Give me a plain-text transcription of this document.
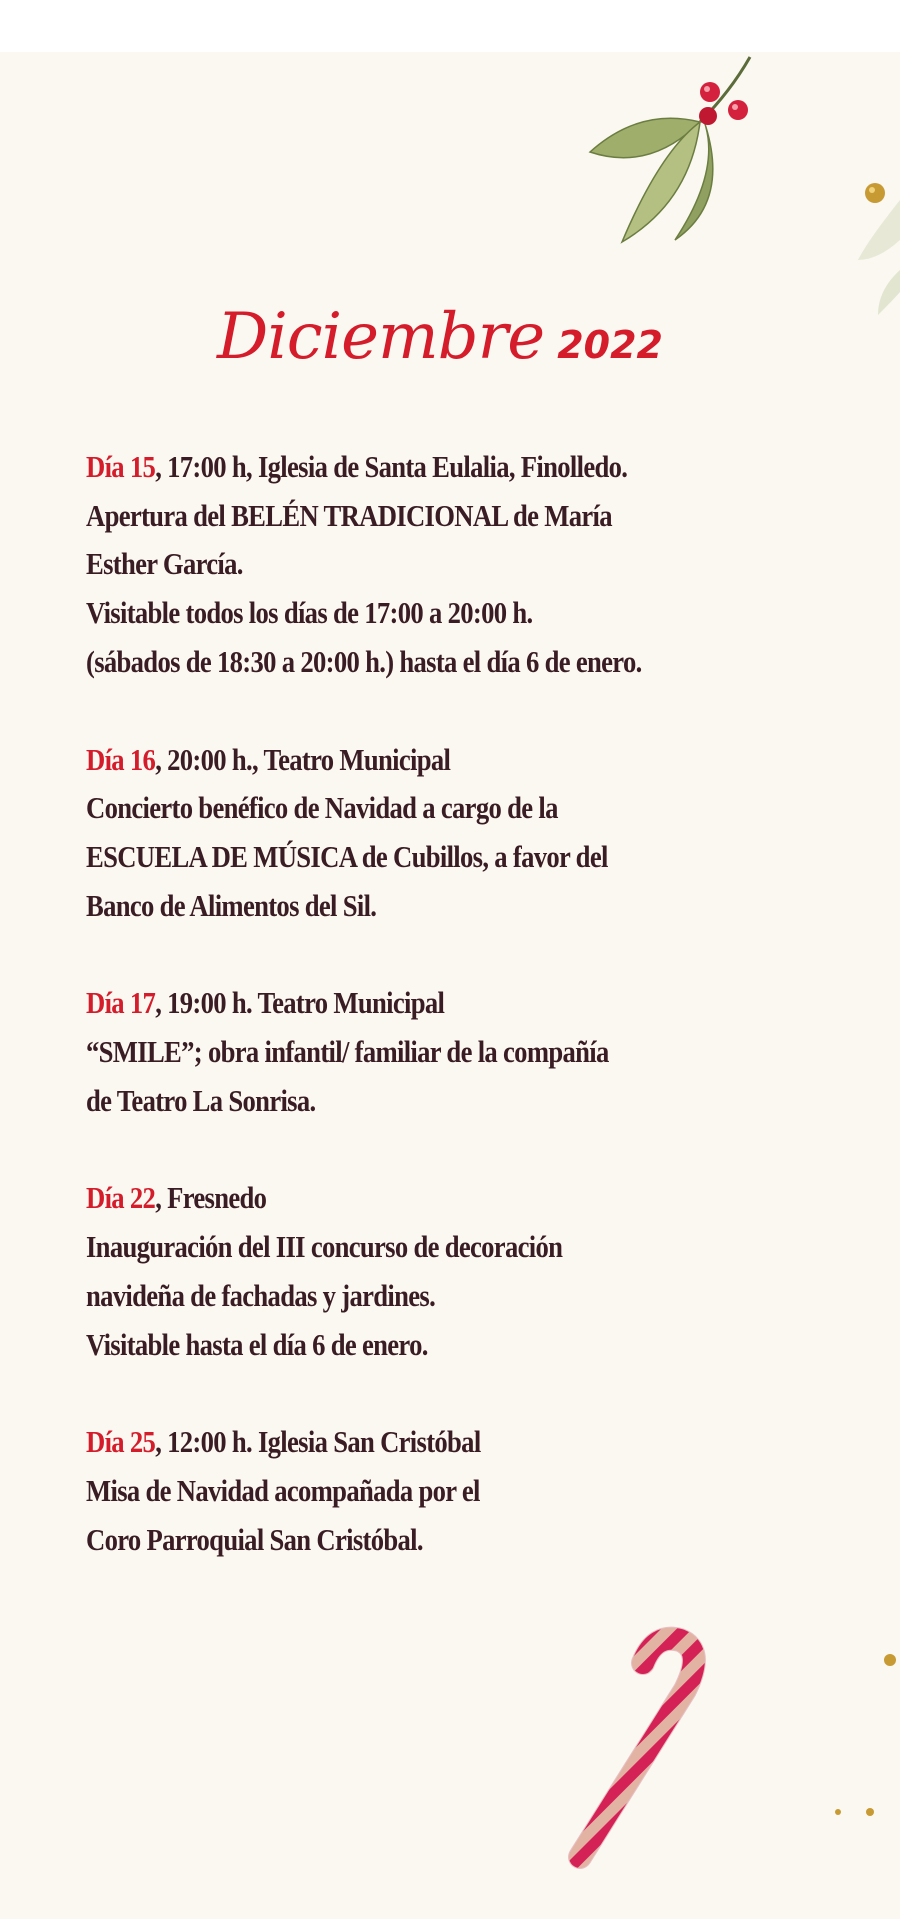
Diciembre 2022
Día 15, 17:00 h, Iglesia de Santa Eulalia, Finolledo.
Apertura del BELÉN TRADICIONAL de María
Esther García.
Visitable todos los días de 17:00 a 20:00 h.
(sábados de 18:30 a 20:00 h.) hasta el día 6 de enero.
Día 16, 20:00 h., Teatro Municipal
Concierto benéfico de Navidad a cargo de la
ESCUELA DE MÚSICA de Cubillos, a favor del
Banco de Alimentos del Sil.
Día 17, 19:00 h. Teatro Municipal
“SMILE”; obra infantil/ familiar de la compañía
de Teatro La Sonrisa.
Día 22, Fresnedo
Inauguración del III concurso de decoración
navideña de fachadas y jardines.
Visitable hasta el día 6 de enero.
Día 25, 12:00 h. Iglesia San Cristóbal
Misa de Navidad acompañada por el
Coro Parroquial San Cristóbal.
